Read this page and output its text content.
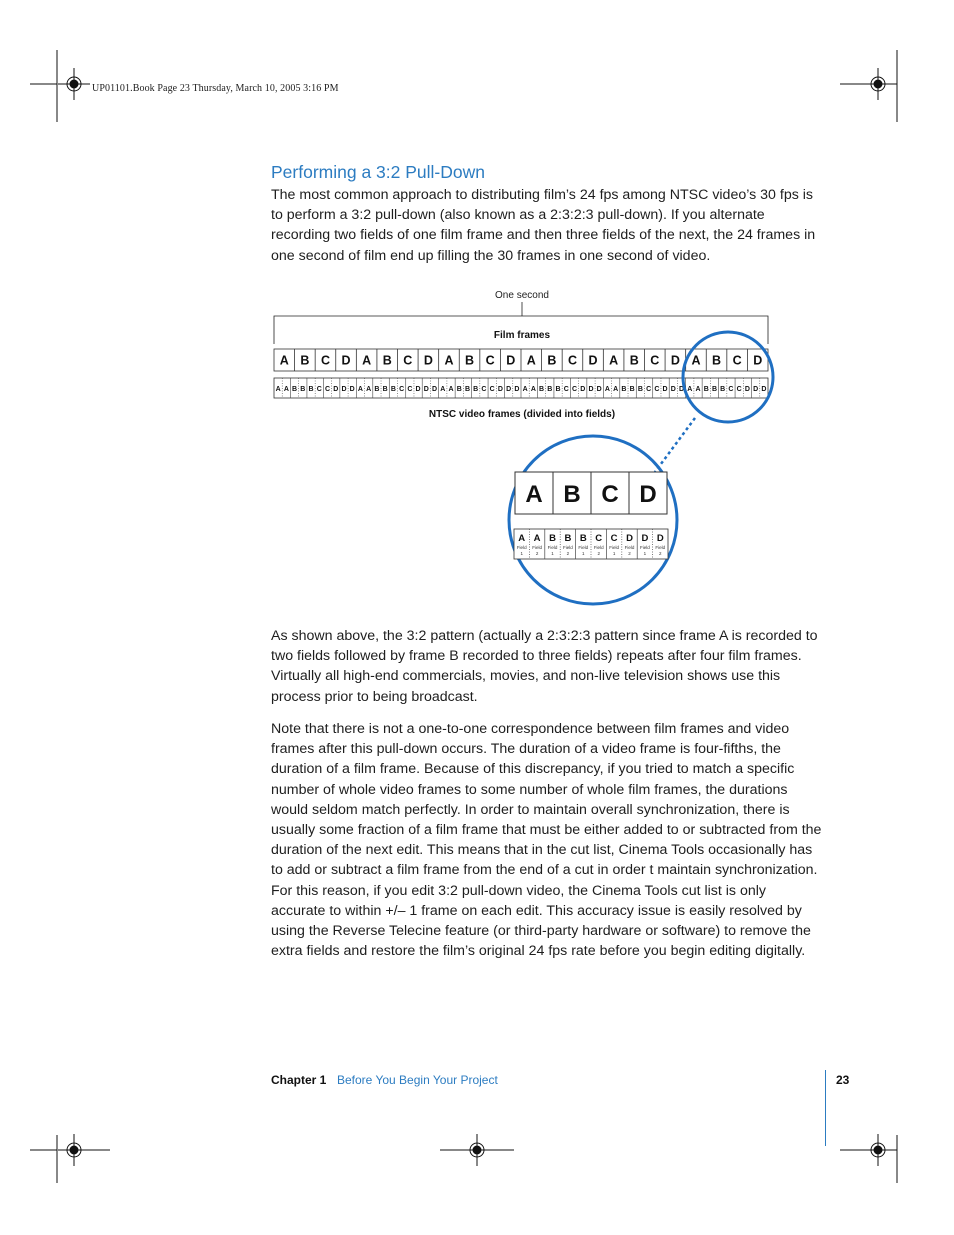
UP01101.Book Page 23 Thursday, March 10, 2005 3:16 PM
Performing a 3:2 Pull-Down

The most common approach to distributing film’s 24 fps among NTSC video’s 30 fps is to perform a 3:2 pull-down (also known as a 2:3:2:3 pull-down). If you alternate recording two fields of one film frame and then three fields of the next, the 24 frames in one second of film end up filling the 30 frames in one second of video.

One second
Film frames
A B C D A B C D A B C D A B C D A B C D A B C D
A A B B B C C D D D A A B B B C C D D D A A B B B C C D D D A A B B B C C D D D A A B B B C C D D D A A B B B C C D D D
NTSC video frames (divided into fields)
A B C D
A
Field
1
A
Field
2
B
Field
1
B
Field
2
B
Field
1
C
Field
2
C
Field
1
D
Field
2
D
Field
1
D
Field
2

As shown above, the 3:2 pattern (actually a 2:3:2:3 pattern since frame A is recorded to two fields followed by frame B recorded to three fields) repeats after four film frames. Virtually all high-end commercials, movies, and non-live television shows use this process prior to being broadcast.

Note that there is not a one-to-one correspondence between film frames and video frames after this pull-down occurs. The duration of a video frame is four-fifths, the duration of a film frame. Because of this discrepancy, if you tried to match a specific number of whole video frames to some number of whole film frames, the durations would seldom match perfectly. In order to maintain overall synchronization, there is usually some fraction of a film frame that must be either added to or subtracted from the duration of the next edit. This means that in the cut list, Cinema Tools occasionally has to add or subtract a film frame from the end of a cut in order t maintain synchronization. For this reason, if you edit 3:2 pull-down video, the Cinema Tools cut list is only accurate to within +/– 1 frame on each edit. This accuracy issue is easily resolved by using the Reverse Telecine feature (or third-party hardware or software) to remove the extra fields and restore the film’s original 24 fps rate before you begin editing digitally.

Chapter 1 Before You Begin Your Project	23
